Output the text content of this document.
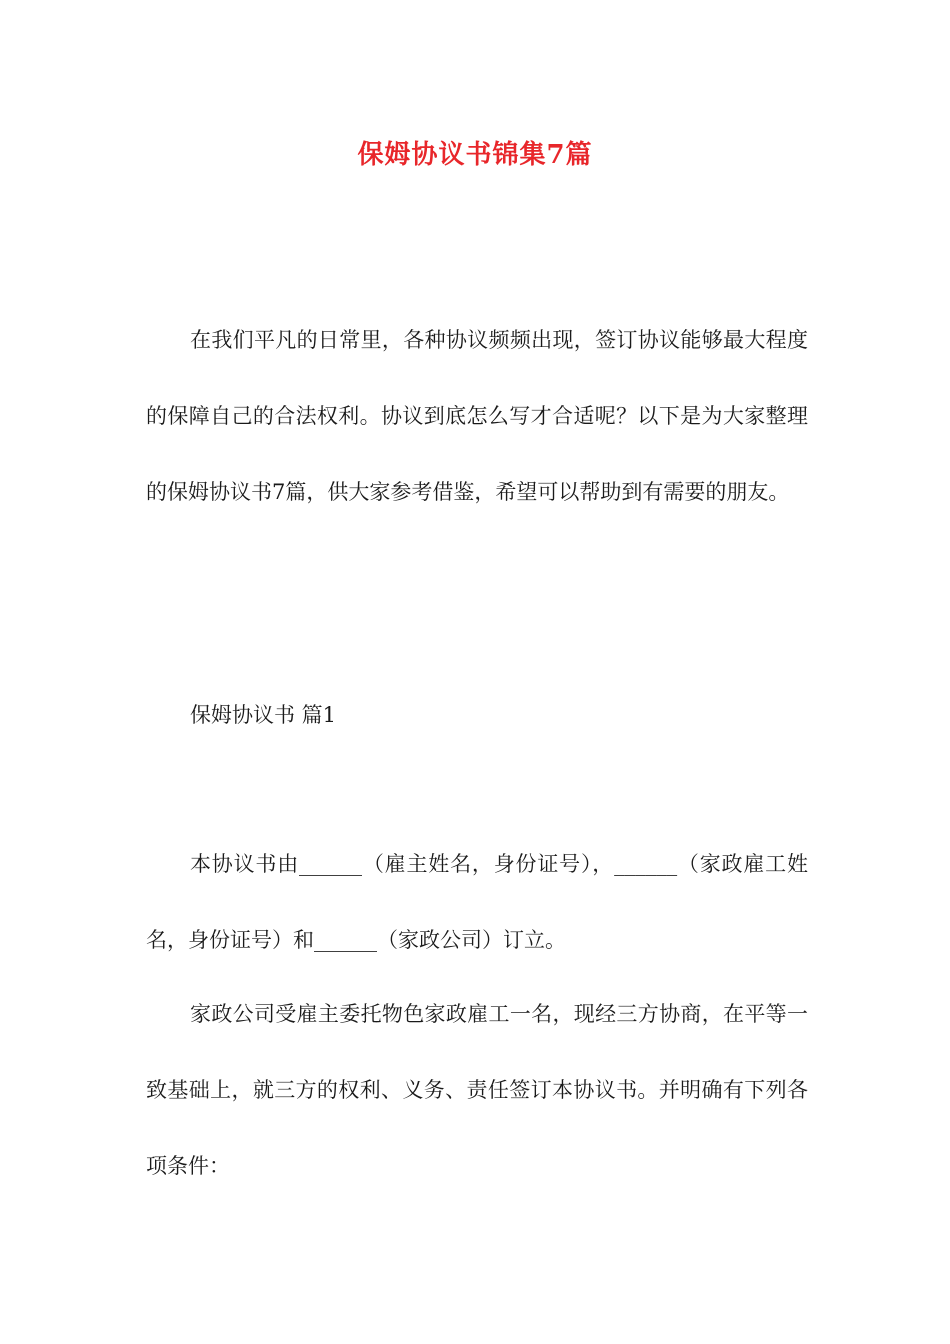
保姆协议书锦集7篇

在我们平凡的日常里，各种协议频频出现，签订协议能够最大程度的保障自己的合法权利。协议到底怎么写才合适呢？以下是为大家整理的保姆协议书7篇，供大家参考借鉴，希望可以帮助到有需要的朋友。

保姆协议书 篇1

本协议书由______（雇主姓名，身份证号），______（家政雇工姓名，身份证号）和______（家政公司）订立。

家政公司受雇主委托物色家政雇工一名，现经三方协商，在平等一致基础上，就三方的权利、义务、责任签订本协议书。并明确有下列各项条件：
